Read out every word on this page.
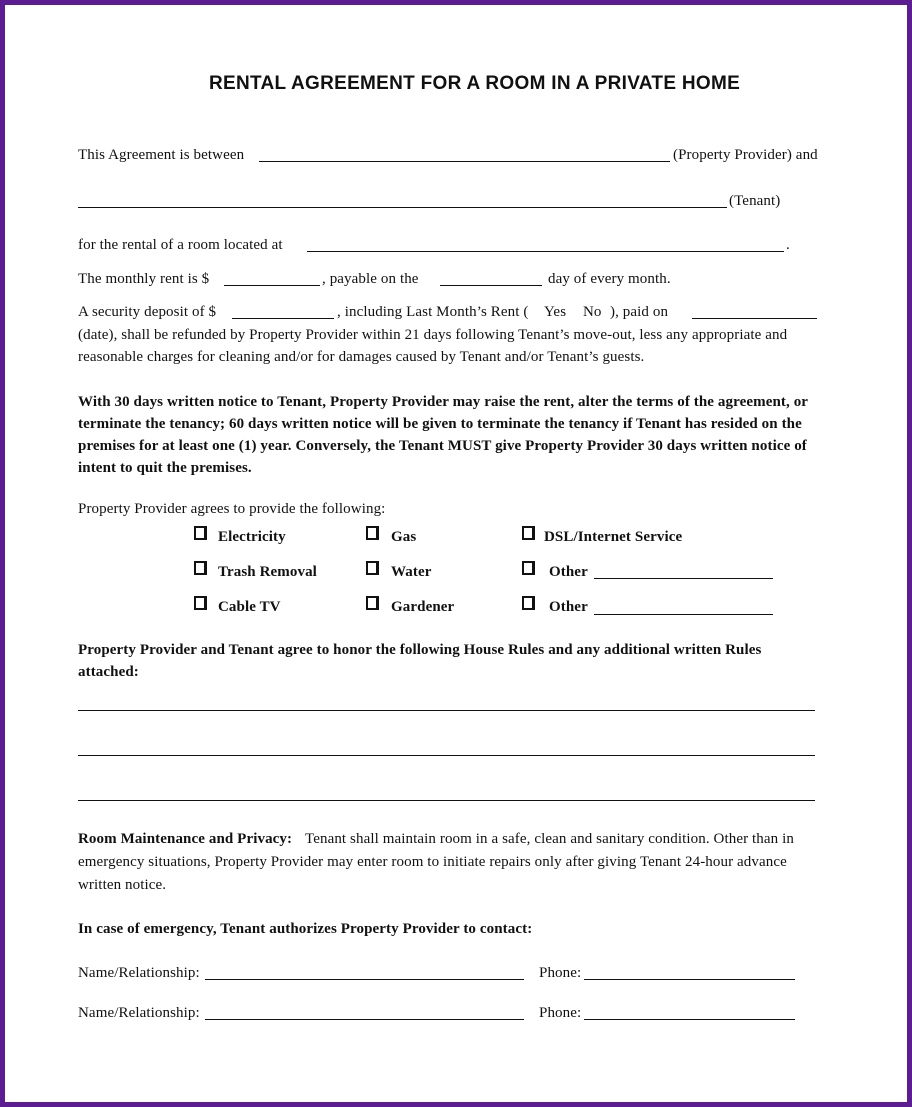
RENTAL AGREEMENT FOR A ROOM IN A PRIVATE HOME
This Agreement is between	(Property Provider) and
(Tenant)
for the rental of a room located at	.
The monthly rent is $	, payable on the	day of every month.
A security deposit of $	, including Last Month’s Rent ( Yes No ), paid on
(date), shall be refunded by Property Provider within 21 days following Tenant’s move-out, less any appropriate and
reasonable charges for cleaning and/or for damages caused by Tenant and/or Tenant’s guests.
With 30 days written notice to Tenant, Property Provider may raise the rent, alter the terms of the agreement, or
terminate the tenancy; 60 days written notice will be given to terminate the tenancy if Tenant has resided on the
premises for at least one (1) year. Conversely, the Tenant MUST give Property Provider 30 days written notice of
intent to quit the premises.
Property Provider agrees to provide the following:
Electricity	Gas	DSL/Internet Service
Trash Removal	Water	Other
Cable TV	Gardener	Other
Property Provider and Tenant agree to honor the following House Rules and any additional written Rules
attached:
Room Maintenance and Privacy: Tenant shall maintain room in a safe, clean and sanitary condition. Other than in
emergency situations, Property Provider may enter room to initiate repairs only after giving Tenant 24-hour advance
written notice.
In case of emergency, Tenant authorizes Property Provider to contact:
Name/Relationship:	Phone:
Name/Relationship:	Phone:
